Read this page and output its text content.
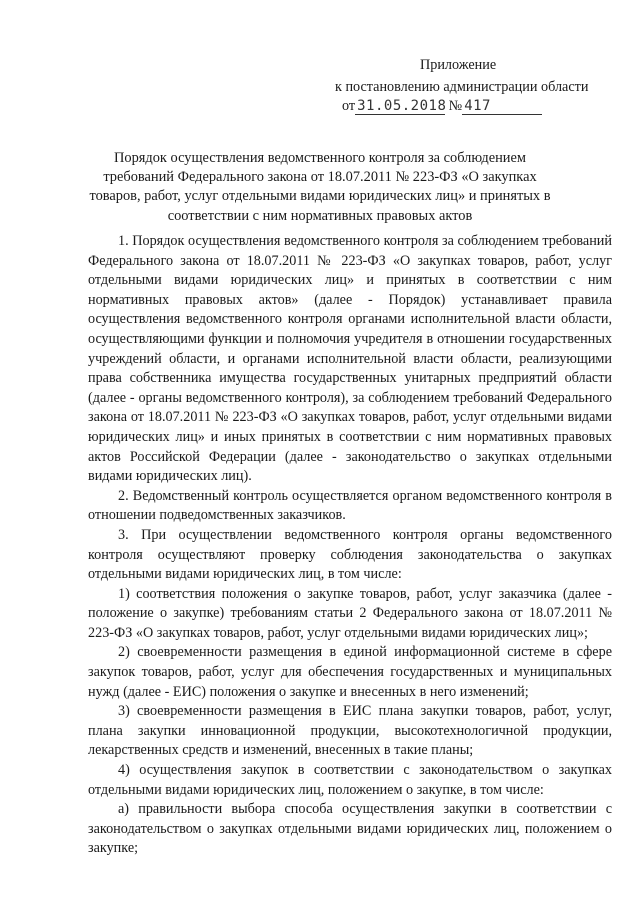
Приложение
к постановлению администрации области
от 31.05.2018 № 417
Порядок осуществления ведомственного контроля за соблюдением требований Федерального закона от 18.07.2011 № 223-ФЗ «О закупках товаров, работ, услуг отдельными видами юридических лиц» и принятых в соответствии с ним нормативных правовых актов

1. Порядок осуществления ведомственного контроля за соблюдением требований Федерального закона от 18.07.2011 № 223-ФЗ «О закупках товаров, работ, услуг отдельными видами юридических лиц» и принятых в соответствии с ним нормативных правовых актов» (далее - Порядок) устанавливает правила осуществления ведомственного контроля органами исполнительной власти области, осуществляющими функции и полномочия учредителя в отношении государственных учреждений области, и органами исполнительной власти области, реализующими права собственника имущества государственных унитарных предприятий области (далее - органы ведомственного контроля), за соблюдением требований Федерального закона от 18.07.2011 № 223-ФЗ «О закупках товаров, работ, услуг отдельными видами юридических лиц» и иных принятых в соответствии с ним нормативных правовых актов Российской Федерации (далее - законодательство о закупках отдельными видами юридических лиц).

2. Ведомственный контроль осуществляется органом ведомственного контроля в отношении подведомственных заказчиков.

3. При осуществлении ведомственного контроля органы ведомственного контроля осуществляют проверку соблюдения законодательства о закупках отдельными видами юридических лиц, в том числе:

1) соответствия положения о закупке товаров, работ, услуг заказчика (далее - положение о закупке) требованиям статьи 2 Федерального закона от 18.07.2011 № 223-ФЗ «О закупках товаров, работ, услуг отдельными видами юридических лиц»;

2) своевременности размещения в единой информационной системе в сфере закупок товаров, работ, услуг для обеспечения государственных и муниципальных нужд (далее - ЕИС) положения о закупке и внесенных в него изменений;

3) своевременности размещения в ЕИС плана закупки товаров, работ, услуг, плана закупки инновационной продукции, высокотехнологичной продукции, лекарственных средств и изменений, внесенных в такие планы;

4) осуществления закупок в соответствии с законодательством о закупках отдельными видами юридических лиц, положением о закупке, в том числе:

а) правильности выбора способа осуществления закупки в соответствии с законодательством о закупках отдельными видами юридических лиц, положением о закупке;
